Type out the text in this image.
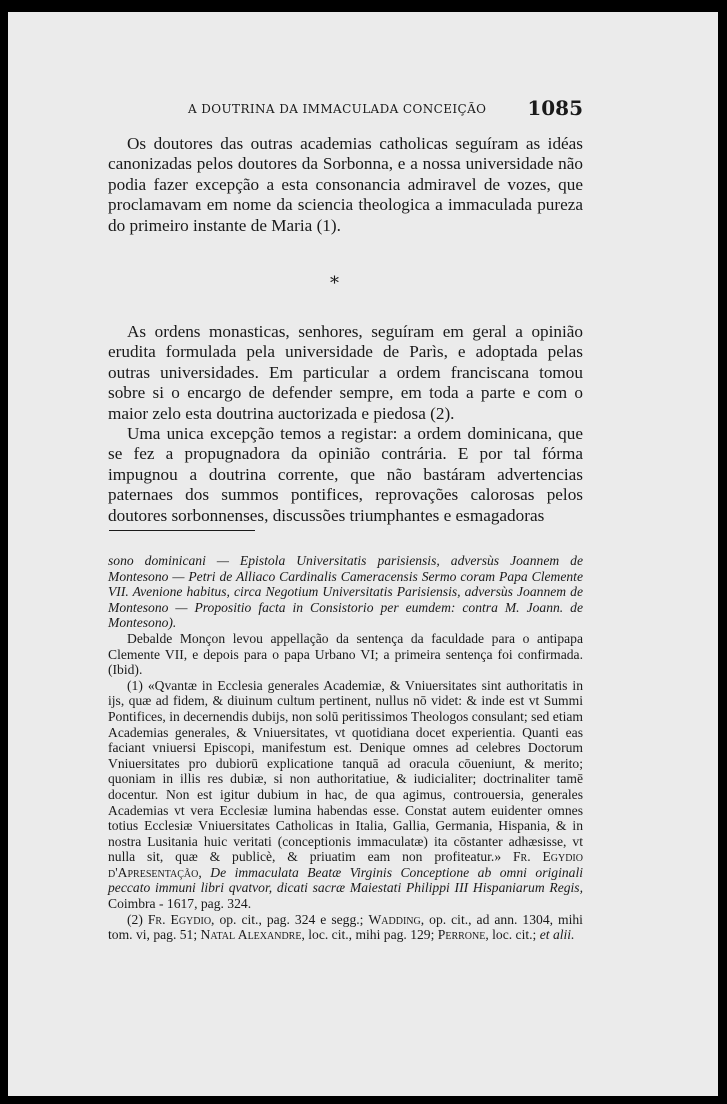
A DOUTRINA DA IMMACULADA CONCEIÇÃO 1085

Os doutores das outras academias catholicas seguíram as idéas canonizadas pelos doutores da Sorbonna, e a nossa universidade não podia fazer excepção a esta consonancia admiravel de vozes, que proclamavam em nome da sciencia theologica a immaculada pureza do primeiro instante de Maria (1).

*

As ordens monasticas, senhores, seguíram em geral a opinião erudita formulada pela universidade de Parìs, e adoptada pelas outras universidades. Em particular a ordem franciscana tomou sobre si o encargo de defender sempre, em toda a parte e com o maior zelo esta doutrina auctorizada e piedosa (2).

Uma unica excepção temos a registar: a ordem dominicana, que se fez a propugnadora da opinião contrária. E por tal fórma impugnou a doutrina corrente, que não bastáram advertencias paternaes dos summos pontifices, reprovações calorosas pelos doutores sorbonnenses, discussões triumphantes e esmagadoras

sono dominicani — Epistola Universitatis parisiensis, adversùs Joannem de Montesono — Petri de Alliaco Cardinalis Cameracensis Sermo coram Papa Clemente VII. Avenione habitus, circa Negotium Universitatis Parisiensis, adversùs Joannem de Montesono — Propositio facta in Consistorio per eumdem: contra M. Joann. de Montesono).

Debalde Monçon levou appellação da sentença da faculdade para o antipapa Clemente VII, e depois para o papa Urbano VI; a primeira sentença foi confirmada. (Ibid).

(1) «Qvantæ in Ecclesia generales Academiæ, & Vniuersitates sint authoritatis in ijs, quæ ad fidem, & diuinum cultum pertinent, nullus nō videt: & inde est vt Summi Pontifices, in decernendis dubijs, non solū peritissimos Theologos consulant; sed etiam Academias generales, & Vniuersitates, vt quotidiana docet experientia. Quanti eas faciant vniuersi Episcopi, manifestum est. Denique omnes ad celebres Doctorum Vniuersitates pro dubiorū explicatione tanquā ad oracula cōueniunt, & merito; quoniam in illis res dubiæ, si non authoritatiue, & iudicialiter; doctrinaliter tamē docentur. Non est igitur dubium in hac, de qua agimus, controuersia, generales Academias vt vera Ecclesiæ lumina habendas esse. Constat autem euidenter omnes totius Ecclesiæ Vniuersitates Catholicas in Italia, Gallia, Germania, Hispania, & in nostra Lusitania huic veritati (conceptionis immaculatæ) ita cōstanter adhæsisse, vt nulla sit, quæ & publicè, & priuatim eam non profiteatur.» Fr. Egydio d'Apresentação, De immaculata Beatæ Virginis Conceptione ab omni originali peccato immuni libri qvatvor, dicati sacræ Maiestati Philippi III Hispaniarum Regis, Coimbra - 1617, pag. 324.

(2) Fr. Egydio, op. cit., pag. 324 e segg.; Wadding, op. cit., ad ann. 1304, mihi tom. vi, pag. 51; Natal Alexandre, loc. cit., mihi pag. 129; Perrone, loc. cit.; et alii.
